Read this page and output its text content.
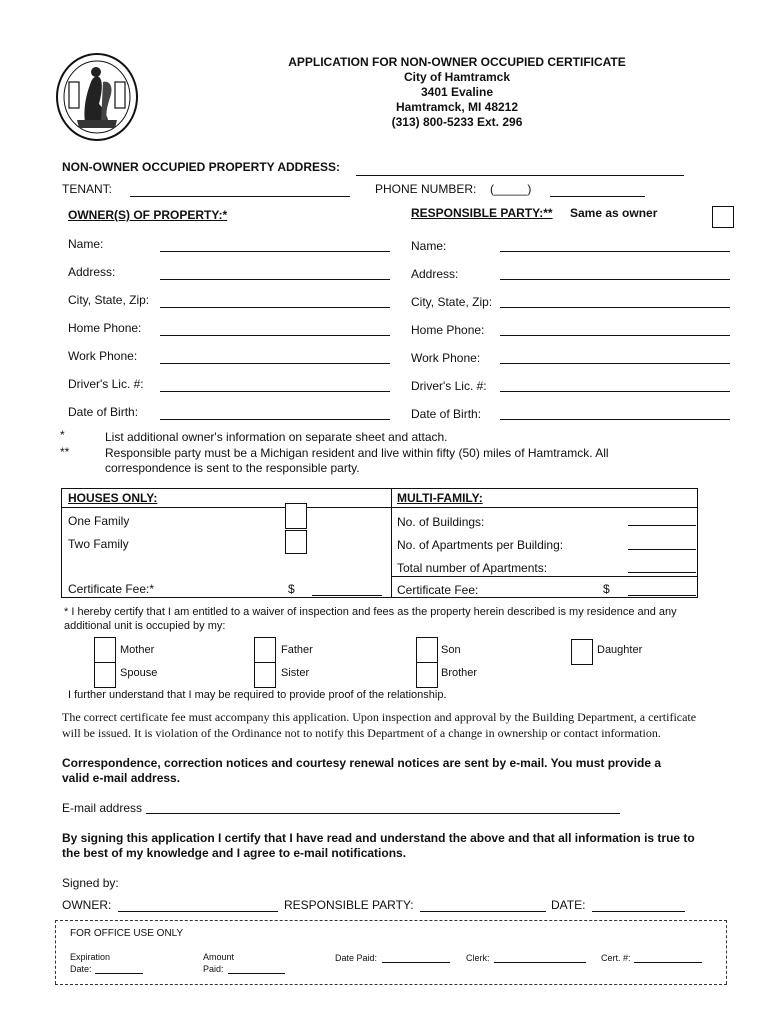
APPLICATION FOR NON-OWNER OCCUPIED CERTIFICATE
City of Hamtramck
3401 Evaline
Hamtramck, MI 48212
(313) 800-5233 Ext. 296
NON-OWNER OCCUPIED PROPERTY ADDRESS:
TENANT:	PHONE NUMBER: (_____)
OWNER(S) OF PROPERTY:*	RESPONSIBLE PARTY:** Same as owner
Name:
Address:
City, State, Zip:
Home Phone:
Work Phone:
Driver's Lic. #:
Date of Birth:
Name:
Address:
City, State, Zip:
Home Phone:
Work Phone:
Driver's Lic. #:
Date of Birth:
*	List additional owner's information on separate sheet and attach.
**	Responsible party must be a Michigan resident and live within fifty (50) miles of Hamtramck. All
correspondence is sent to the responsible party.
HOUSES ONLY:	MULTI-FAMILY:
One Family
Two Family
No. of Buildings:
No. of Apartments per Building:
Total number of Apartments:
Certificate Fee:*	$	Certificate Fee:	$
* I hereby certify that I am entitled to a waiver of inspection and fees as the property herein described is my residence and any
additional unit is occupied by my:
Mother	Father	Son	Daughter
Spouse	Sister	Brother
I further understand that I may be required to provide proof of the relationship.
The correct certificate fee must accompany this application. Upon inspection and approval by the Building Department, a certificate
will be issued. It is violation of the Ordinance not to notify this Department of a change in ownership or contact information.
Correspondence, correction notices and courtesy renewal notices are sent by e-mail. You must provide a
valid e-mail address.
E-mail address
By signing this application I certify that I have read and understand the above and that all information is true to
the best of my knowledge and I agree to e-mail notifications.
Signed by:
OWNER:	RESPONSIBLE PARTY:	DATE:
FOR OFFICE USE ONLY
Expiration
Date:
Amount
Paid:
Date Paid:	Clerk:	Cert. #:
